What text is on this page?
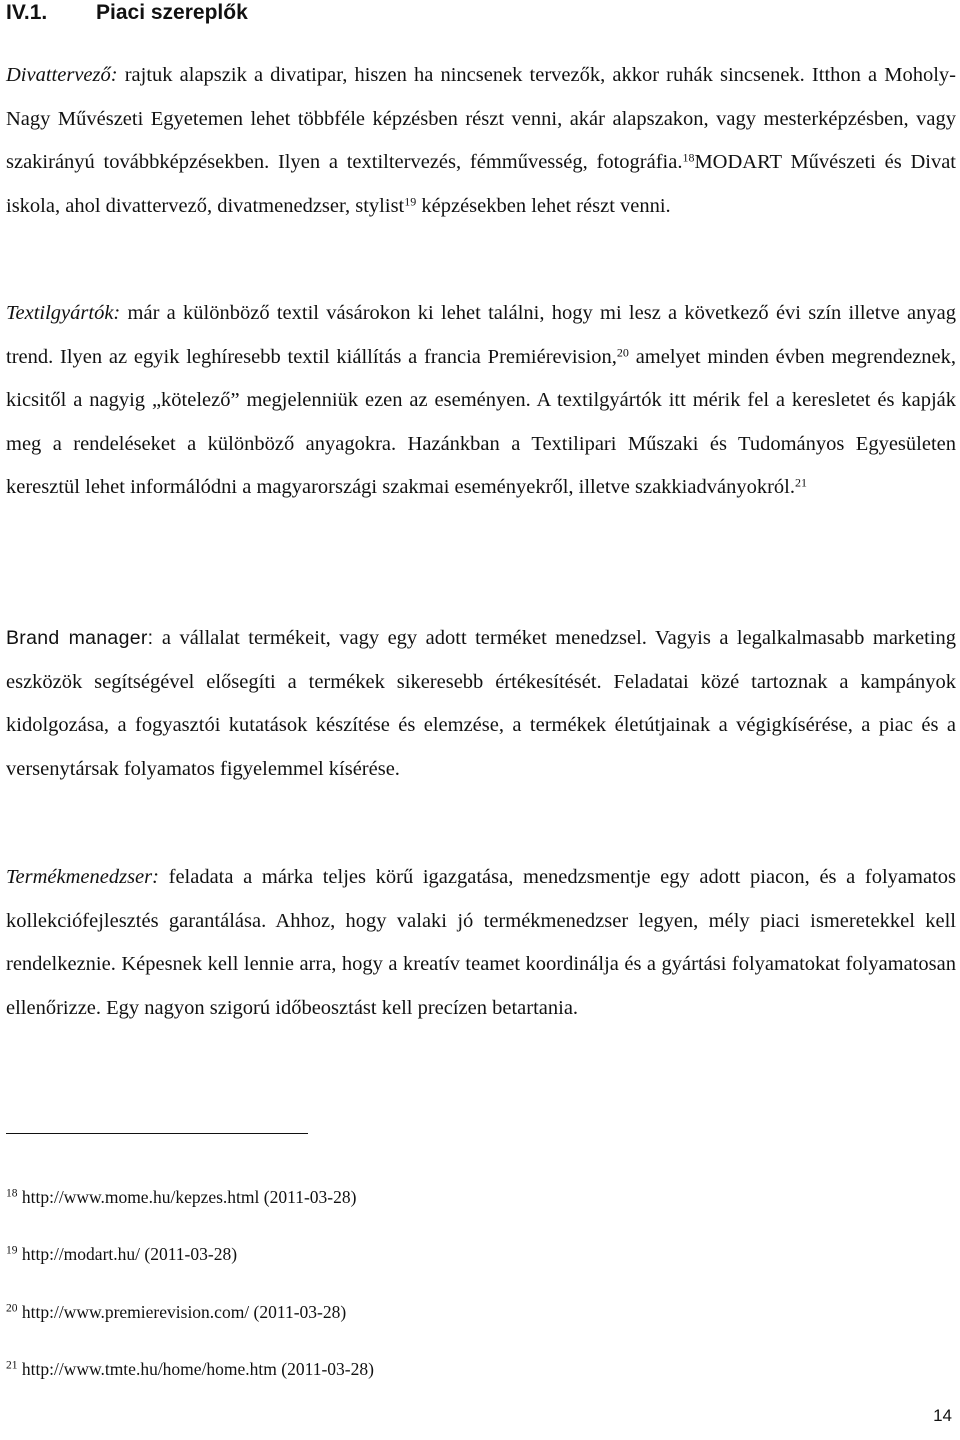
IV.1. Piaci szereplők

Divattervező: rajtuk alapszik a divatipar, hiszen ha nincsenek tervezők, akkor ruhák sincsenek. Itthon a Moholy- Nagy Művészeti Egyetemen lehet többféle képzésben részt venni, akár alapszakon, vagy mesterképzésben, vagy szakirányú továbbképzésekben. Ilyen a textiltervezés, fémművesség, fotográfia.$^{18}$MODART Művészeti és Divat iskola, ahol divattervező, divatmenedzser, stylist$^{19}$ képzésekben lehet részt venni.

Textilgyártók: már a különböző textil vásárokon ki lehet találni, hogy mi lesz a következő évi szín illetve anyag trend. Ilyen az egyik leghíresebb textil kiállítás a francia Premiérevision,$^{20}$ amelyet minden évben megrendeznek, kicsitől a nagyig „kötelező” megjelenniük ezen az eseményen. A textilgyártók itt mérik fel a keresletet és kapják meg a rendeléseket a különböző anyagokra. Hazánkban a Textilipari Műszaki és Tudományos Egyesületen keresztül lehet informálódni a magyarországi szakmai eseményekről, illetve szakkiadványokról.$^{21}$

Brand manager: a vállalat termékeit, vagy egy adott terméket menedzsel. Vagyis a legalkalmasabb marketing eszközök segítségével elősegíti a termékek sikeresebb értékesítését. Feladatai közé tartoznak a kampányok kidolgozása, a fogyasztói kutatások készítése és elemzése, a termékek életútjainak a végigkísérése, a piac és a versenytársak folyamatos figyelemmel kísérése.

Termékmenedzser: feladata a márka teljes körű igazgatása, menedzsmentje egy adott piacon, és a folyamatos kollekciófejlesztés garantálása. Ahhoz, hogy valaki jó termékmenedzser legyen, mély piaci ismeretekkel kell rendelkeznie. Képesnek kell lennie arra, hogy a kreatív teamet koordinálja és a gyártási folyamatokat folyamatosan ellenőrizze. Egy nagyon szigorú időbeosztást kell precízen betartania.

$^{18}$ http://www.mome.hu/kepzes.html (2011-03-28)

$^{19}$ http://modart.hu/ (2011-03-28)

$^{20}$ http://www.premierevision.com/ (2011-03-28)

$^{21}$ http://www.tmte.hu/home/home.htm (2011-03-28)

14
